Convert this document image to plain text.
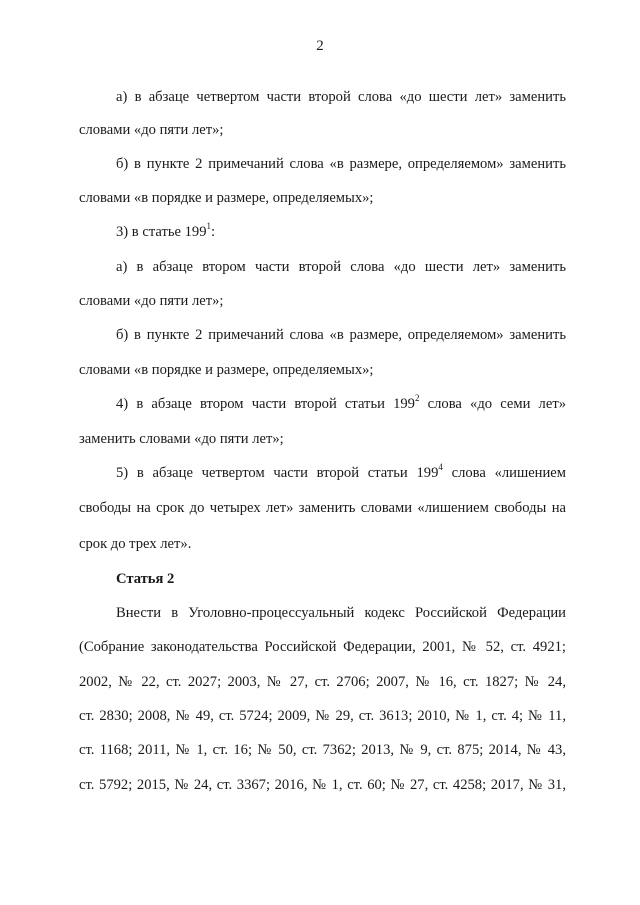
2
а) в абзаце четвертом части второй слова «до шести лет» заменить
словами «до пяти лет»;
б) в пункте 2 примечаний слова «в размере, определяемом» заменить
словами «в порядке и размере, определяемых»;
3) в статье $199^1$:
а) в абзаце втором части второй слова «до шести лет» заменить
словами «до пяти лет»;
б) в пункте 2 примечаний слова «в размере, определяемом» заменить
словами «в порядке и размере, определяемых»;
4) в абзаце втором части второй статьи $199^2$ слова «до семи лет»
заменить словами «до пяти лет»;
5) в абзаце четвертом части второй статьи $199^4$ слова «лишением
свободы на срок до четырех лет» заменить словами «лишением свободы на
срок до трех лет».
Статья 2
Внести в Уголовно-процессуальный кодекс Российской Федерации
(Собрание законодательства Российской Федерации, 2001, № 52, ст. 4921;
2002, № 22, ст. 2027; 2003, № 27, ст. 2706; 2007, № 16, ст. 1827; № 24,
ст. 2830; 2008, № 49, ст. 5724; 2009, № 29, ст. 3613; 2010, № 1, ст. 4; № 11,
ст. 1168; 2011, № 1, ст. 16; № 50, ст. 7362; 2013, № 9, ст. 875; 2014, № 43,
ст. 5792; 2015, № 24, ст. 3367; 2016, № 1, ст. 60; № 27, ст. 4258; 2017, № 31,
